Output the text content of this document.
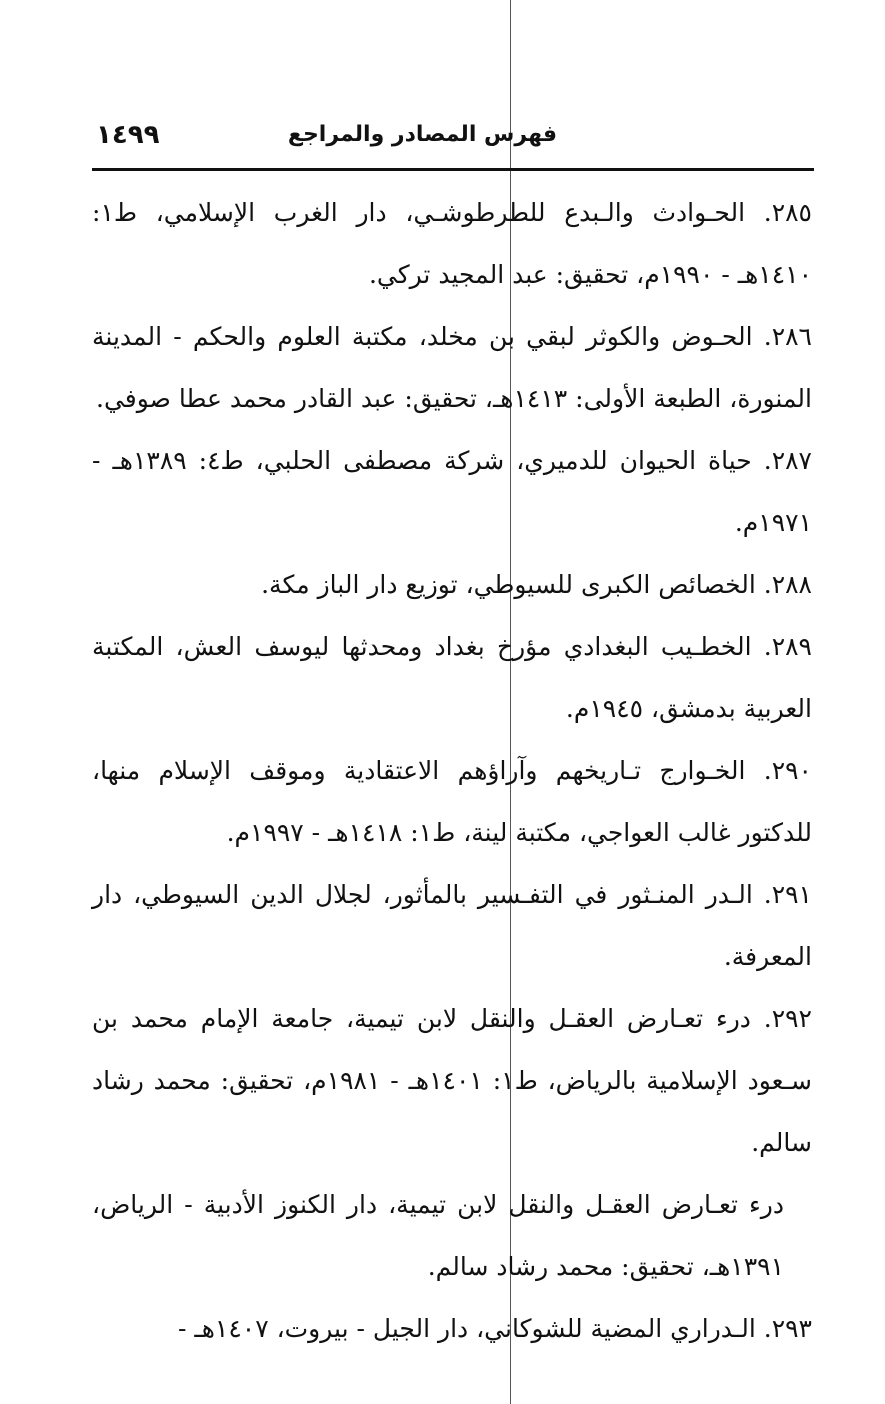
فهرس المصادر والمراجع
١٤٩٩

٢٨٥. الحـوادث والـبدع للطرطوشـي، دار الغرب الإسلامي، ط١: ١٤١٠هـ - ١٩٩٠م، تحقيق: عبد المجيد تركي.

٢٨٦. الحـوض والكوثر لبقي بن مخلد، مكتبة العلوم والحكم - المدينة المنورة، الطبعة الأولى: ١٤١٣هـ، تحقيق: عبد القادر محمد عطا صوفي.

٢٨٧. حياة الحيوان للدميري، شركة مصطفى الحلبي، ط٤: ١٣٨٩هـ - ١٩٧١م.

٢٨٨. الخصائص الكبرى للسيوطي، توزيع دار الباز مكة.

٢٨٩. الخطـيب البغدادي مؤرخ بغداد ومحدثها ليوسف العش، المكتبة العربية بدمشق، ١٩٤٥م.

٢٩٠. الخـوارج تـاريخهم وآراؤهم الاعتقادية وموقف الإسلام منها، للدكتور غالب العواجي، مكتبة لينة، ط١: ١٤١٨هـ - ١٩٩٧م.

٢٩١. الـدر المنـثور في التفـسير بالمأثور، لجلال الدين السيوطي، دار المعرفة.

٢٩٢. درء تعـارض العقـل والنقل لابن تيمية، جامعة الإمام محمد بن سـعود الإسلامية بالرياض، ط١: ١٤٠١هـ - ١٩٨١م، تحقيق: محمد رشاد سالم.

درء تعـارض العقـل والنقل لابن تيمية، دار الكنوز الأدبية - الرياض، ١٣٩١هـ، تحقيق: محمد رشاد سالم.

٢٩٣. الـدراري المضية للشوكاني، دار الجيل - بيروت، ١٤٠٧هـ -
